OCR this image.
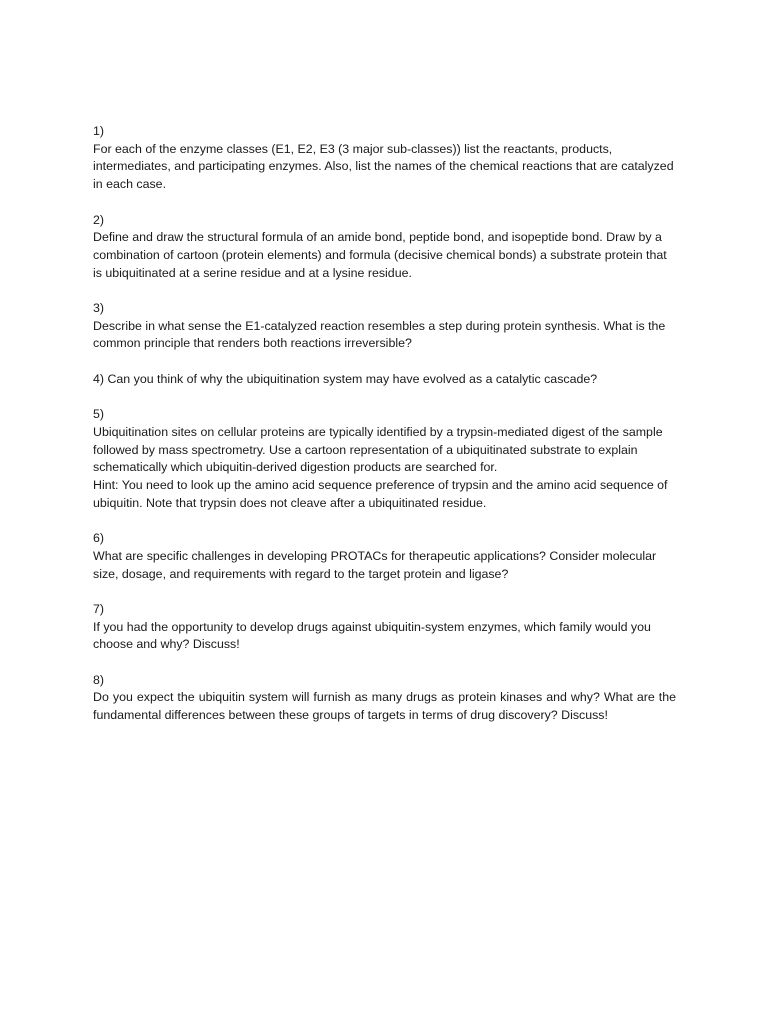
1)
For each of the enzyme classes (E1, E2, E3 (3 major sub-classes)) list the reactants, products, intermediates, and participating enzymes. Also, list the names of the chemical reactions that are catalyzed in each case.
2)
Define and draw the structural formula of an amide bond, peptide bond, and isopeptide bond. Draw by a combination of cartoon (protein elements) and formula (decisive chemical bonds) a substrate protein that is ubiquitinated at a serine residue and at a lysine residue.
3)
Describe in what sense the E1-catalyzed reaction resembles a step during protein synthesis. What is the common principle that renders both reactions irreversible?
4) Can you think of why the ubiquitination system may have evolved as a catalytic cascade?
5)
Ubiquitination sites on cellular proteins are typically identified by a trypsin-mediated digest of the sample followed by mass spectrometry. Use a cartoon representation of a ubiquitinated substrate to explain schematically which ubiquitin-derived digestion products are searched for.
Hint: You need to look up the amino acid sequence preference of trypsin and the amino acid sequence of ubiquitin. Note that trypsin does not cleave after a ubiquitinated residue.
6)
What are specific challenges in developing PROTACs for therapeutic applications? Consider molecular size, dosage, and requirements with regard to the target protein and ligase?
7)
If you had the opportunity to develop drugs against ubiquitin-system enzymes, which family would you choose and why? Discuss!
8)
Do you expect the ubiquitin system will furnish as many drugs as protein kinases and why? What are the fundamental differences between these groups of targets in terms of drug discovery? Discuss!
